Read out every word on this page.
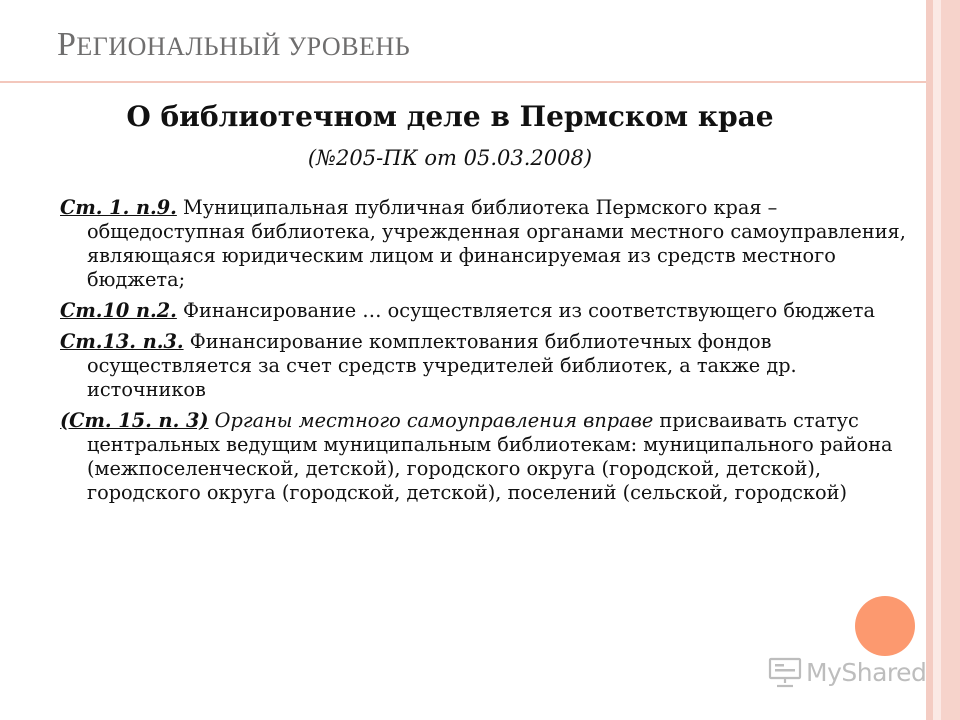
РЕГИОНАЛЬНЫЙ УРОВЕНЬ
О библиотечном деле в Пермском крае
(№205-ПК от 05.03.2008)
Ст. 1. п.9. Муниципальная публичная библиотека Пермского края – общедоступная библиотека, учрежденная органами местного самоуправления, являющаяся юридическим лицом и финансируемая из средств местного бюджета;
Ст.10 п.2. Финансирование … осуществляется из соответствующего бюджета
Ст.13. п.3. Финансирование комплектования библиотечных фондов осуществляется за счет средств учредителей библиотек, а также др. источников
(Ст. 15. п. 3) Органы местного самоуправления вправе присваивать статус центральных ведущим муниципальным библиотекам: муниципального района (межпоселенческой, детской), городского округа (городской, детской), городского округа (городской, детской), поселений (сельской, городской)
MyShared
